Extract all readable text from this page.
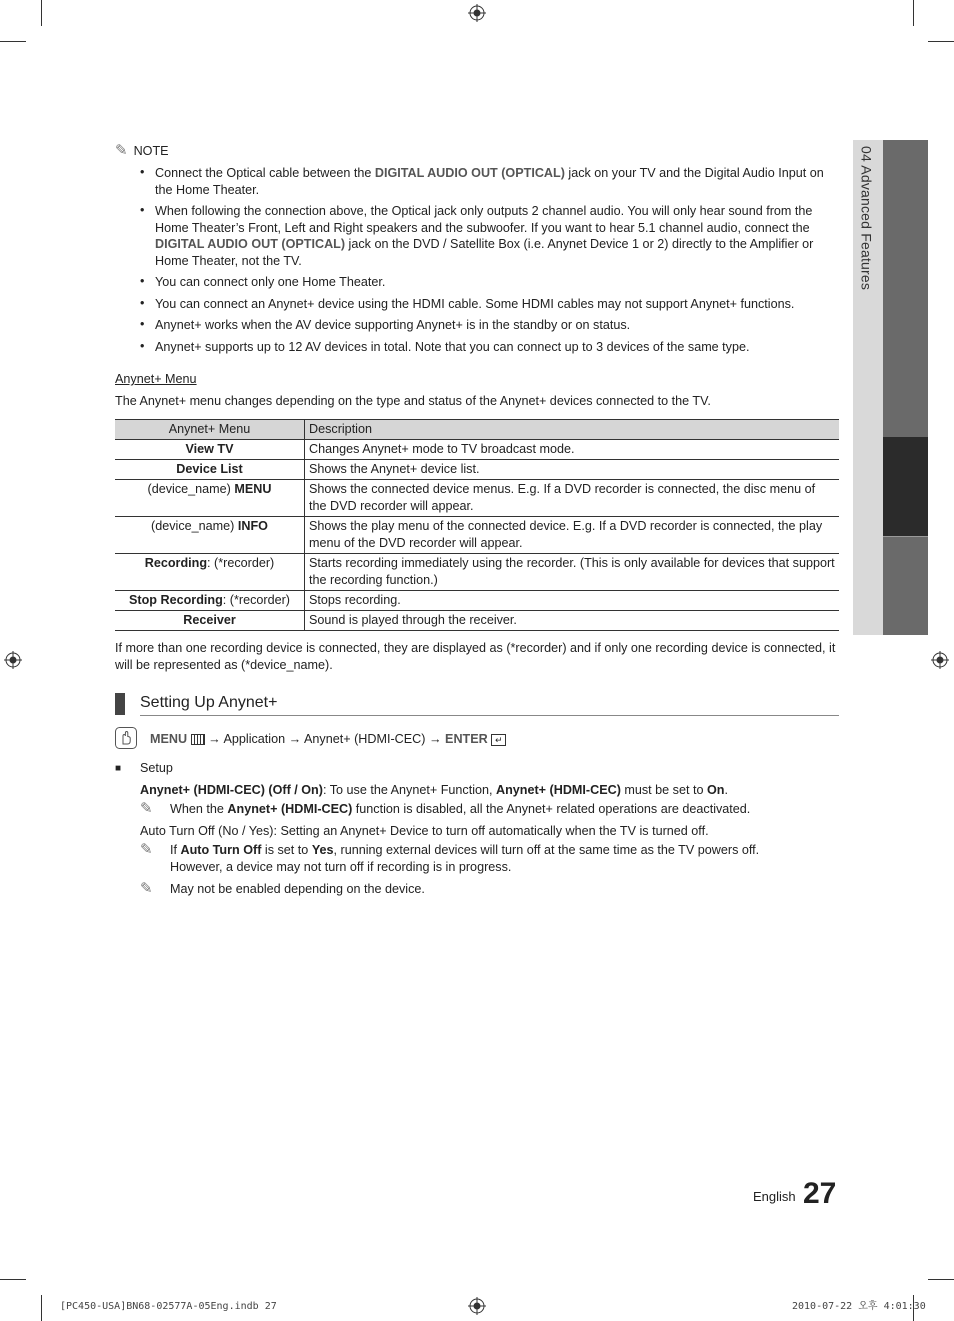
04 Advanced Features
✎ NOTE
• Connect the Optical cable between the DIGITAL AUDIO OUT (OPTICAL) jack on your TV and the Digital Audio Input on the Home Theater.
• When following the connection above, the Optical jack only outputs 2 channel audio. You will only hear sound from the Home Theater’s Front, Left and Right speakers and the subwoofer. If you want to hear 5.1 channel audio, connect the DIGITAL AUDIO OUT (OPTICAL) jack on the DVD / Satellite Box (i.e. Anynet Device 1 or 2) directly to the Amplifier or Home Theater, not the TV.
• You can connect only one Home Theater.
• You can connect an Anynet+ device using the HDMI cable. Some HDMI cables may not support Anynet+ functions.
• Anynet+ works when the AV device supporting Anynet+ is in the standby or on status.
• Anynet+ supports up to 12 AV devices in total. Note that you can connect up to 3 devices of the same type.
Anynet+ Menu
The Anynet+ menu changes depending on the type and status of the Anynet+ devices connected to the TV.
Anynet+ Menu	Description
View TV	Changes Anynet+ mode to TV broadcast mode.
Device List	Shows the Anynet+ device list.
(device_name) MENU	Shows the connected device menus. E.g. If a DVD recorder is connected, the disc menu of the DVD recorder will appear.
(device_name) INFO	Shows the play menu of the connected device. E.g. If a DVD recorder is connected, the play menu of the DVD recorder will appear.
Recording: (*recorder)	Starts recording immediately using the recorder. (This is only available for devices that support the recording function.)
Stop Recording: (*recorder)	Stops recording.
Receiver	Sound is played through the receiver.
If more than one recording device is connected, they are displayed as (*recorder) and if only one recording device is connected, it will be represented as (*device_name).
Setting Up Anynet+
MENU  → Application → Anynet+ (HDMI-CEC) → ENTER ↵
■ Setup
Anynet+ (HDMI-CEC) (Off / On): To use the Anynet+ Function, Anynet+ (HDMI-CEC) must be set to On.
✎	When the Anynet+ (HDMI-CEC) function is disabled, all the Anynet+ related operations are deactivated.
Auto Turn Off (No / Yes): Setting an Anynet+ Device to turn off automatically when the TV is turned off.
✎	If Auto Turn Off is set to Yes, running external devices will turn off at the same time as the TV powers off.
However, a device may not turn off if recording is in progress.
✎	May not be enabled depending on the device.
English 27
[PC450-USA]BN68-02577A-05Eng.indb 27	2010-07-22 오후 4:01:30
